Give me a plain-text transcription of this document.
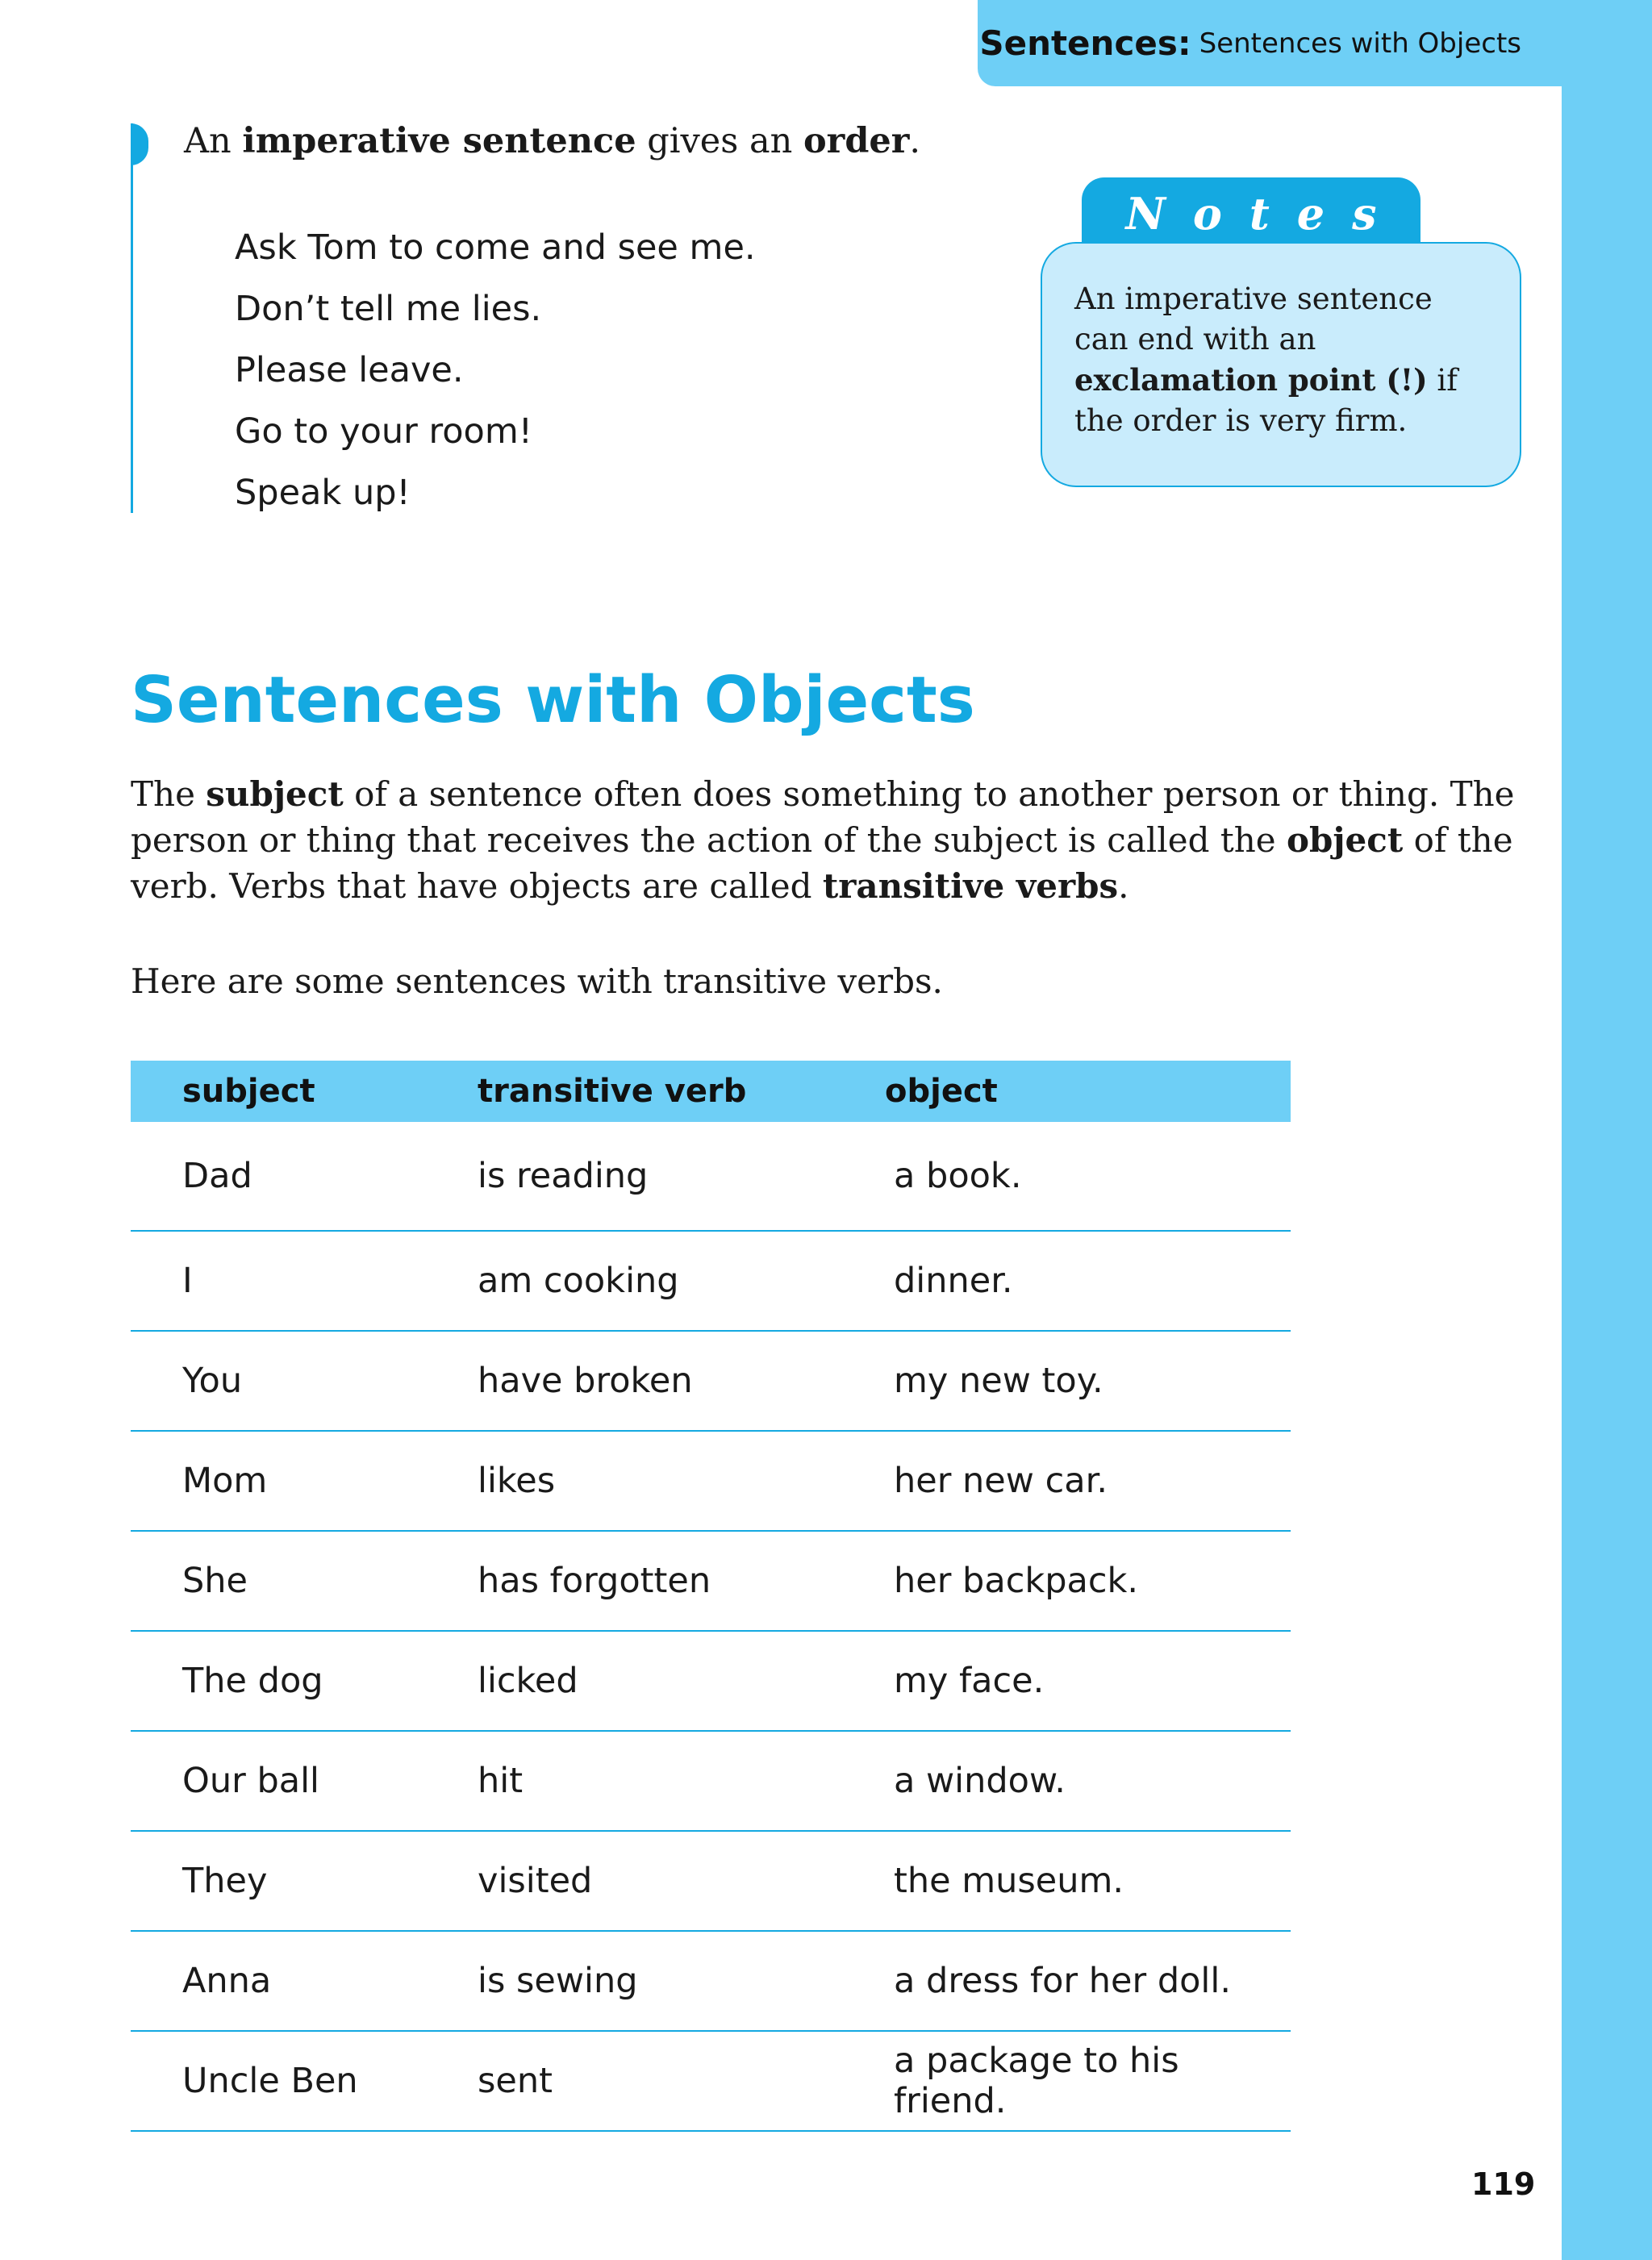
Sentences: Sentences with Objects
An imperative sentence gives an order.
Ask Tom to come and see me.
Don’t tell me lies.
Please leave.
Go to your room!
Speak up!
Notes
An imperative sentence can end with an exclamation point (!) if the order is very firm.
Sentences with Objects

The subject of a sentence often does something to another person or thing. The person or thing that receives the action of the subject is called the object of the verb. Verbs that have objects are called transitive verbs.

Here are some sentences with transitive verbs.

subject	transitive verb	object
Dad	is reading	a book.
I	am cooking	dinner.
You	have broken	my new toy.
Mom	likes	her new car.
She	has forgotten	her backpack.
The dog	licked	my face.
Our ball	hit	a window.
They	visited	the museum.
Anna	is sewing	a dress for her doll.
Uncle Ben	sent	a package to his friend.
119
